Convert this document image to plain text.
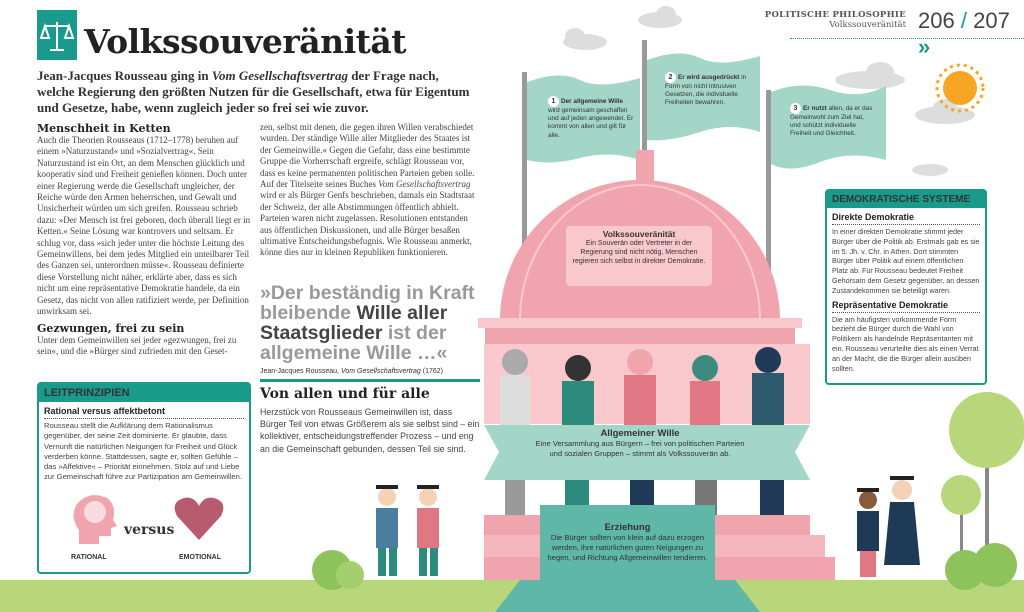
Volkssouveränität
POLITISCHE PHILOSOPHIE
Volkssouveränität 206 / 207 »
Jean-Jacques Rousseau ging in Vom Gesellschaftsvertrag der Frage nach, welche Regierung den größten Nutzen für die Gesellschaft, etwa für Eigentum und Gesetze, habe, wenn zugleich jeder so frei sei wie zuvor.
Menschheit in Ketten
Auch die Theorien Rousseaus (1712–1778) beruhen auf einem »Naturzustand« und »Sozialvertrag«. Sein Naturzustand ist ein Ort, an dem Menschen glücklich und kooperativ sind und Freiheit genießen können. Doch unter einer Regierung werde die Gesellschaft ungleicher, der Reiche würde den Armen beherrschen, und Gewalt und Unsicherheit würden um sich greifen. Rousseau schrieb dazu: »Der Mensch ist frei geboren, doch überall liegt er in Ketten.« Seine Lösung war kontrovers und seltsam. Er schlug vor, dass »sich jeder unter die höchste Leitung des Gemeinwillens, bei dem jedes Mitglied ein unteilbarer Teil des Ganzen sei, unterordnen müsse«. Rousseau definierte diese Vorstellung nicht näher, erklärte aber, dass es sich nicht um eine repräsentative Demokratie handele, da ein Gesetz, das nicht von allen ratifiziert werde, per Definition unwirksam sei.
Gezwungen, frei zu sein
Unter dem Gemeinwillen sei jeder »gezwungen, frei zu sein«, und die »Bürger sind zufrieden mit den Geset-
zen, selbst mit denen, die gegen ihren Willen verabschiedet wurden. Der ständige Wille aller Mitglieder des Staates ist der Gemeinwille.« Gegen die Gefahr, dass eine bestimmte Gruppe die Vorherrschaft ergreife, schlägt Rousseau vor, dass es keine permanenten politischen Parteien geben solle. Auf der Titelseite seines Buches Vom Gesellschaftsvertrag wird er als Bürger Genfs beschrieben, damals ein Stadtstaat der Schweiz, der alle Abstimmungen öffentlich abhielt. Parteien waren nicht zugelassen. Resolutionen entstanden aus öffentlichen Diskussionen, und alle Bürger besaßen ultimative Entscheidungsbefugnis. Wie Rousseau anmerkt, könne dies nur in kleinen Republiken funktionieren.
»Der beständig in Kraft bleibende Wille aller Staatsglieder ist der allgemeine Wille …«
Jean-Jacques Rousseau, Vom Gesellschaftsvertrag (1762)
Von allen und für alle
Herzstück von Rousseaus Gemeinwillen ist, dass Bürger Teil von etwas Größerem als sie selbst sind – ein kollektiver, entscheidungstreffender Prozess – und eng an die Gemeinschaft gebunden, dessen Teil sie sind.
LEITPRINZIPIEN
Rational versus affektbetont
Rousseau stellt die Aufklärung dem Rationalismus gegenüber, der seine Zeit dominierte. Er glaubte, dass Vernunft die natürlichen Neigungen für Freiheit und Glück verderben könne. Stattdessen, sagte er, sollten Gefühle – das »Affektive« – Priorität einnehmen. Stolz auf und Liebe zur Gemeinschaft führe zur Partizipation am Gemeinwillen.
versus
RATIONAL	EMOTIONAL
1 Der allgemeine Wille wird gemeinsam geschaffen und auf jeden angewendet. Er kommt von allen und gilt für alle.
2 Er wird ausgedrückt in Form von nicht intrusiven Gesetzen, die individuelle Freiheiten bewahren.
3 Er nutzt allen, da er das Gemeinwohl zum Ziel hat, und schützt individuelle Freiheit und Gleichheit.
Volkssouveränität
Ein Souverän oder Vertreter in der Regierung sind nicht nötig, Menschen regieren sich selbst in direkter Demokratie.
Allgemeiner Wille
Eine Versammlung aus Bürgern – frei von politischen Parteien und sozialen Gruppen – stimmt als Volkssouverän ab.
Erziehung
Die Bürger sollten von klein auf dazu erzogen werden, ihre natürlichen guten Neigungen zu hegen, und Richtung Allgemeinwillen tendieren.
DEMOKRATISCHE SYSTEME
Direkte Demokratie
In einer direkten Demokratie stimmt jeder Bürger über die Politik ab. Erstmals gab es sie im 5. Jh. v. Chr. in Athen. Dort stimmten Bürger über Politik auf einem öffentlichen Platz ab. Für Rousseau bedeutet Freiheit Gehorsam dem Gesetz gegenüber, an dessen Zustandekommen sie beteiligt waren.
Repräsentative Demokratie
Die am häufigsten vorkommende Form bezieht die Bürger durch die Wahl von Politikern als handelnde Repräsentanten mit ein. Rousseau verurteilte dies als einen Verrat an der Macht, die die Bürger allein ausüben sollten.
